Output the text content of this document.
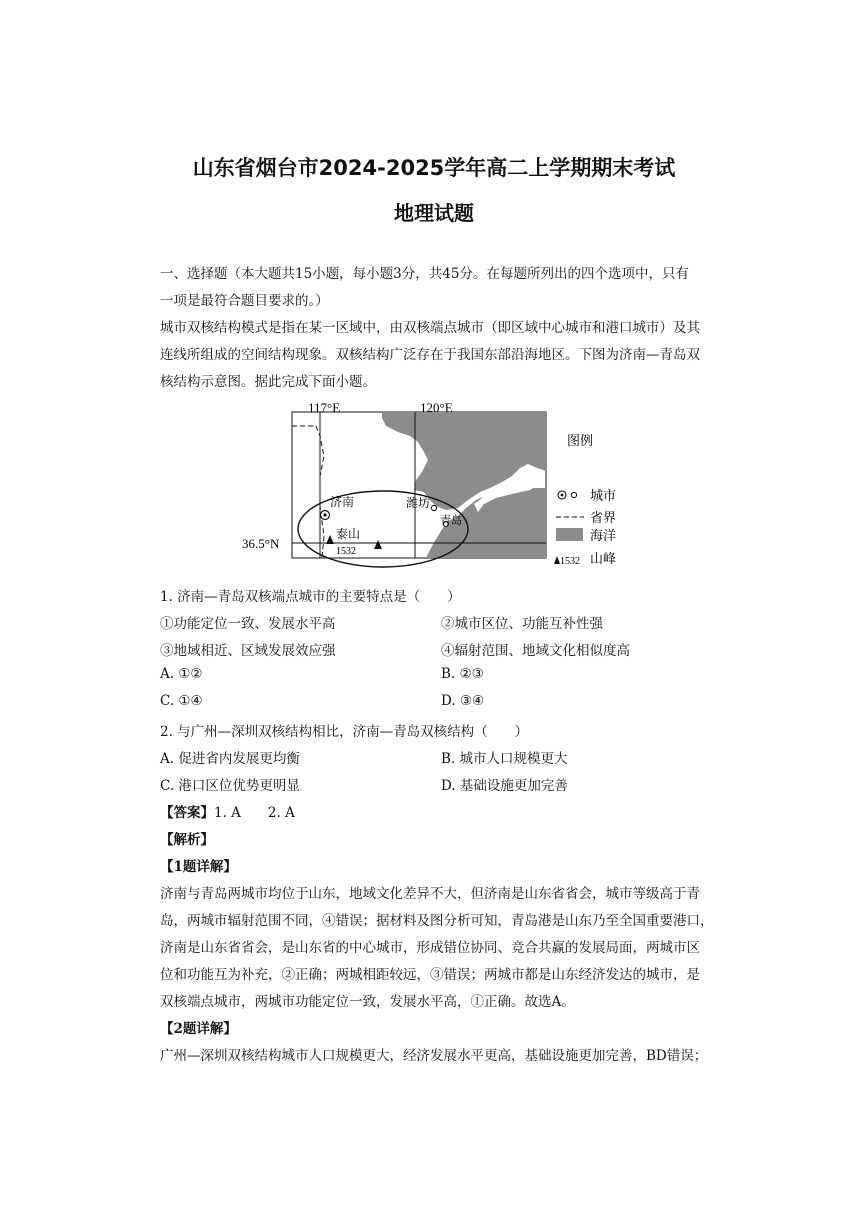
山东省烟台市2024-2025学年高二上学期期末考试
地理试题
一、选择题（本大题共15小题，每小题3分，共45分。在每题所列出的四个选项中，只有
一项是最符合题目要求的。）
城市双核结构模式是指在某一区域中，由双核端点城市（即区域中心城市和港口城市）及其
连线所组成的空间结构现象。双核结构广泛存在于我国东部沿海地区。下图为济南—青岛双
核结构示意图。据此完成下面小题。
117°E	120°E
36.5°N
济南	潍坊
青岛
泰山
1532
图例
城市
省界
海洋
1532 山峰
1. 济南—青岛双核端点城市的主要特点是（　　）
①功能定位一致、发展水平高	②城市区位、功能互补性强
③地域相近、区域发展效应强	④辐射范围、地域文化相似度高
A. ①②	B. ②③
C. ①④	D. ③④
2. 与广州—深圳双核结构相比，济南—青岛双核结构（　　）
A. 促进省内发展更均衡	B. 城市人口规模更大
C. 港口区位优势更明显	D. 基础设施更加完善
【答案】1. A　　2. A
【解析】
【1题详解】
济南与青岛两城市均位于山东，地域文化差异不大，但济南是山东省省会，城市等级高于青
岛，两城市辐射范围不同，④错误；据材料及图分析可知，青岛港是山东乃至全国重要港口，
济南是山东省省会，是山东省的中心城市，形成错位协同、竞合共赢的发展局面，两城市区
位和功能互为补充，②正确；两城相距较远，③错误；两城市都是山东经济发达的城市，是
双核端点城市，两城市功能定位一致，发展水平高，①正确。故选A。
【2题详解】
广州—深圳双核结构城市人口规模更大，经济发展水平更高，基础设施更加完善，BD错误；
